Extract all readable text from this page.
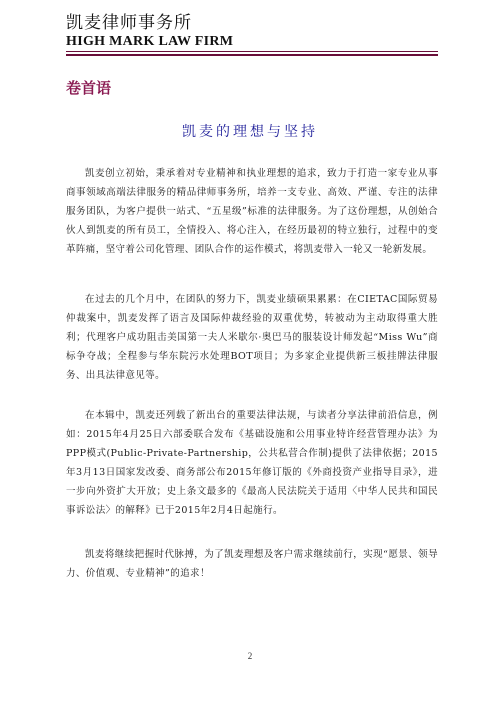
凯麦律师事务所
HIGH MARK LAW FIRM
卷首语
凯麦的理想与坚持

凯麦创立初始，秉承着对专业精神和执业理想的追求，致力于打造一家专业从事商事领域高端法律服务的精品律师事务所，培养一支专业、高效、严谨、专注的法律服务团队，为客户提供一站式、“五星级”标准的法律服务。为了这份理想，从创始合伙人到凯麦的所有员工，全情投入、将心注入，在经历最初的特立独行，过程中的变革阵痛，坚守着公司化管理、团队合作的运作模式，将凯麦带入一轮又一轮新发展。

在过去的几个月中，在团队的努力下，凯麦业绩硕果累累：在CIETAC国际贸易仲裁案中，凯麦发挥了语言及国际仲裁经验的双重优势，转被动为主动取得重大胜利；代理客户成功阻击美国第一夫人米歇尔·奥巴马的服装设计师发起“Miss Wu”商标争夺战；全程参与华东院污水处理BOT项目；为多家企业提供新三板挂牌法律服务、出具法律意见等。

在本辑中，凯麦还列载了新出台的重要法律法规，与读者分享法律前沿信息，例如：2015年4月25日六部委联合发布《基础设施和公用事业特许经营管理办法》为PPP模式(Public-Private-Partnership，公共私营合作制)提供了法律依据；2015年3月13日国家发改委、商务部公布2015年修订版的《外商投资产业指导目录》，进一步向外资扩大开放；史上条文最多的《最高人民法院关于适用〈中华人民共和国民事诉讼法〉的解释》已于2015年2月4日起施行。

凯麦将继续把握时代脉搏，为了凯麦理想及客户需求继续前行，实现“愿景、领导力、价值观、专业精神”的追求！

2
